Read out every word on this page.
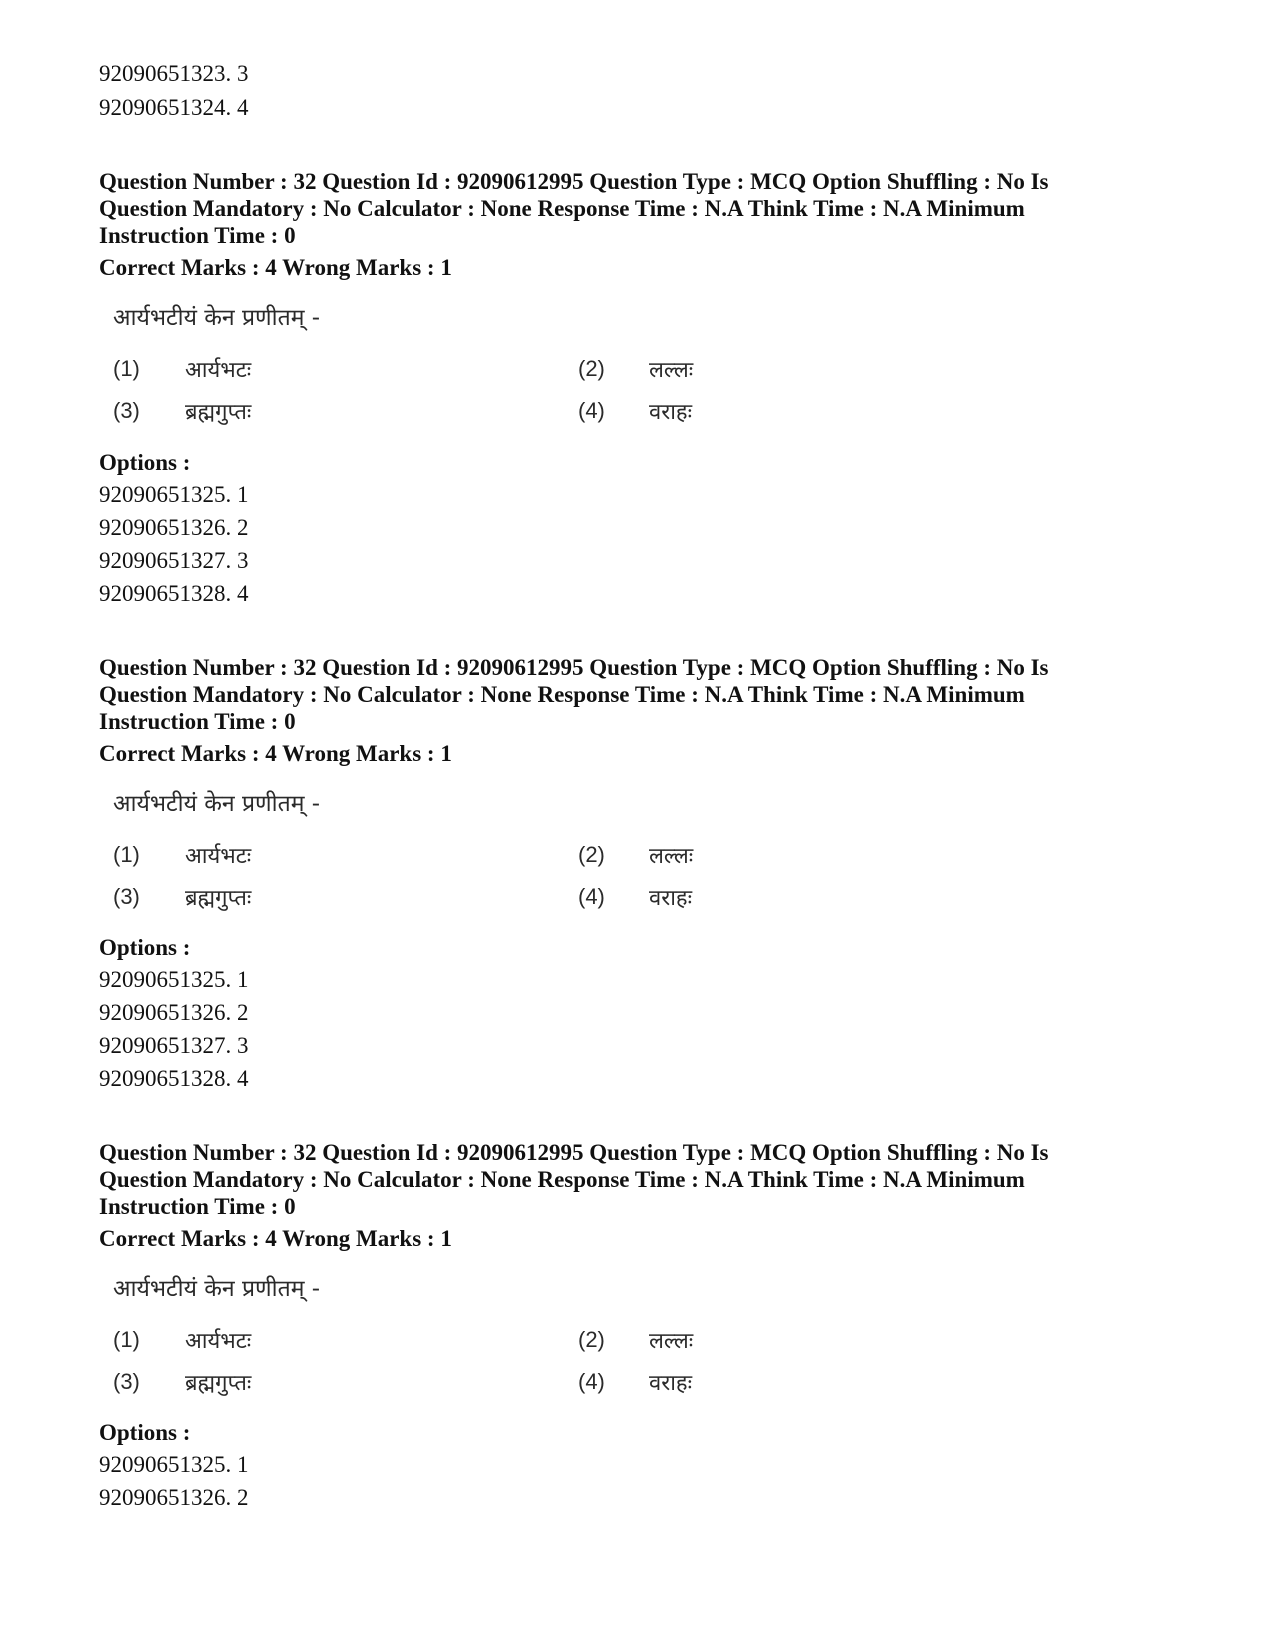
92090651323. 3
92090651324. 4
Question Number : 32 Question Id : 92090612995 Question Type : MCQ Option Shuffling : No Is
Question Mandatory : No Calculator : None Response Time : N.A Think Time : N.A Minimum
Instruction Time : 0
Correct Marks : 4 Wrong Marks : 1
आर्यभटीयं केन प्रणीतम् -
(1) आर्यभटः	(2) लल्लः
(3) ब्रह्मगुप्तः	(4) वराहः
Options :
92090651325. 1
92090651326. 2
92090651327. 3
92090651328. 4
Question Number : 32 Question Id : 92090612995 Question Type : MCQ Option Shuffling : No Is
Question Mandatory : No Calculator : None Response Time : N.A Think Time : N.A Minimum
Instruction Time : 0
Correct Marks : 4 Wrong Marks : 1
आर्यभटीयं केन प्रणीतम् -
(1) आर्यभटः	(2) लल्लः
(3) ब्रह्मगुप्तः	(4) वराहः
Options :
92090651325. 1
92090651326. 2
92090651327. 3
92090651328. 4
Question Number : 32 Question Id : 92090612995 Question Type : MCQ Option Shuffling : No Is
Question Mandatory : No Calculator : None Response Time : N.A Think Time : N.A Minimum
Instruction Time : 0
Correct Marks : 4 Wrong Marks : 1
आर्यभटीयं केन प्रणीतम् -
(1) आर्यभटः	(2) लल्लः
(3) ब्रह्मगुप्तः	(4) वराहः
Options :
92090651325. 1
92090651326. 2
